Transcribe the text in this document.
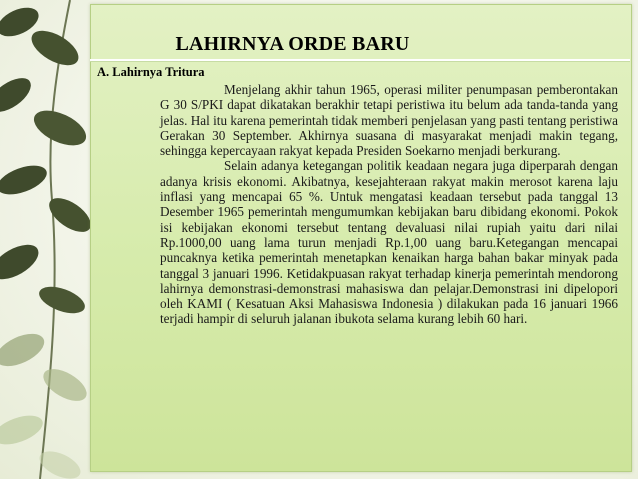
LAHIRNYA ORDE BARU
A. Lahirnya Tritura

Menjelang akhir tahun 1965, operasi militer penumpasan pemberontakan G 30 S/PKI dapat dikatakan berakhir tetapi peristiwa itu belum ada tanda-tanda yang jelas. Hal itu karena pemerintah tidak memberi penjelasan yang pasti tentang peristiwa Gerakan 30 September. Akhirnya suasana di masyarakat menjadi makin tegang, sehingga kepercayaan rakyat kepada Presiden Soekarno menjadi berkurang.

Selain adanya ketegangan politik keadaan negara juga diperparah dengan adanya krisis ekonomi. Akibatnya, kesejahteraan rakyat makin merosot karena laju inflasi yang mencapai 65 %. Untuk mengatasi keadaan tersebut pada tanggal 13 Desember 1965 pemerintah mengumumkan kebijakan baru dibidang ekonomi. Pokok isi kebijakan ekonomi tersebut tentang devaluasi nilai rupiah yaitu dari nilai Rp.1000,00 uang lama turun menjadi Rp.1,00 uang baru.Ketegangan mencapai puncaknya ketika pemerintah menetapkan kenaikan harga bahan bakar minyak pada tanggal 3 januari 1996. Ketidakpuasan rakyat terhadap kinerja pemerintah mendorong lahirnya demonstrasi-demonstrasi mahasiswa dan pelajar.Demonstrasi ini dipelopori oleh KAMI ( Kesatuan Aksi Mahasiswa Indonesia ) dilakukan pada 16 januari 1966 terjadi hampir di seluruh jalanan ibukota selama kurang lebih 60 hari.
